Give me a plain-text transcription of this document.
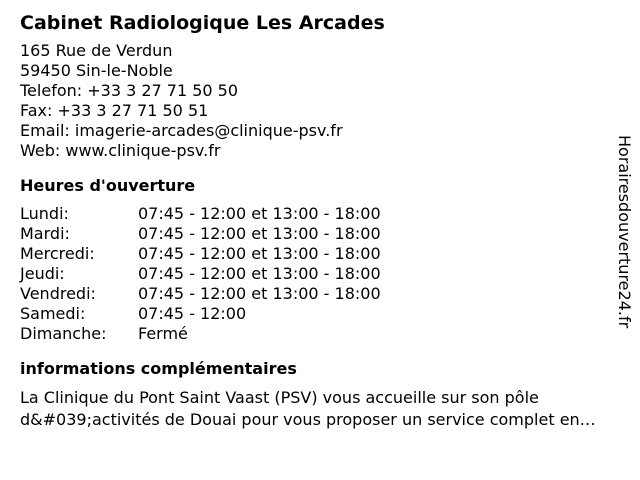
Cabinet Radiologique Les Arcades
165 Rue de Verdun
59450 Sin-le-Noble
Telefon: +33 3 27 71 50 50
Fax: +33 3 27 71 50 51
Email: imagerie-arcades@clinique-psv.fr
Web: www.clinique-psv.fr
Heures d'ouverture
Lundi:	07:45 - 12:00 et 13:00 - 18:00
Mardi:	07:45 - 12:00 et 13:00 - 18:00
Mercredi:	07:45 - 12:00 et 13:00 - 18:00
Jeudi:	07:45 - 12:00 et 13:00 - 18:00
Vendredi:	07:45 - 12:00 et 13:00 - 18:00
Samedi:	07:45 - 12:00
Dimanche:	Fermé
informations complémentaires
La Clinique du Pont Saint Vaast (PSV) vous accueille sur son pôle d&#039;activités de Douai pour vous proposer un service complet en…
Horairesdouverture24.fr
